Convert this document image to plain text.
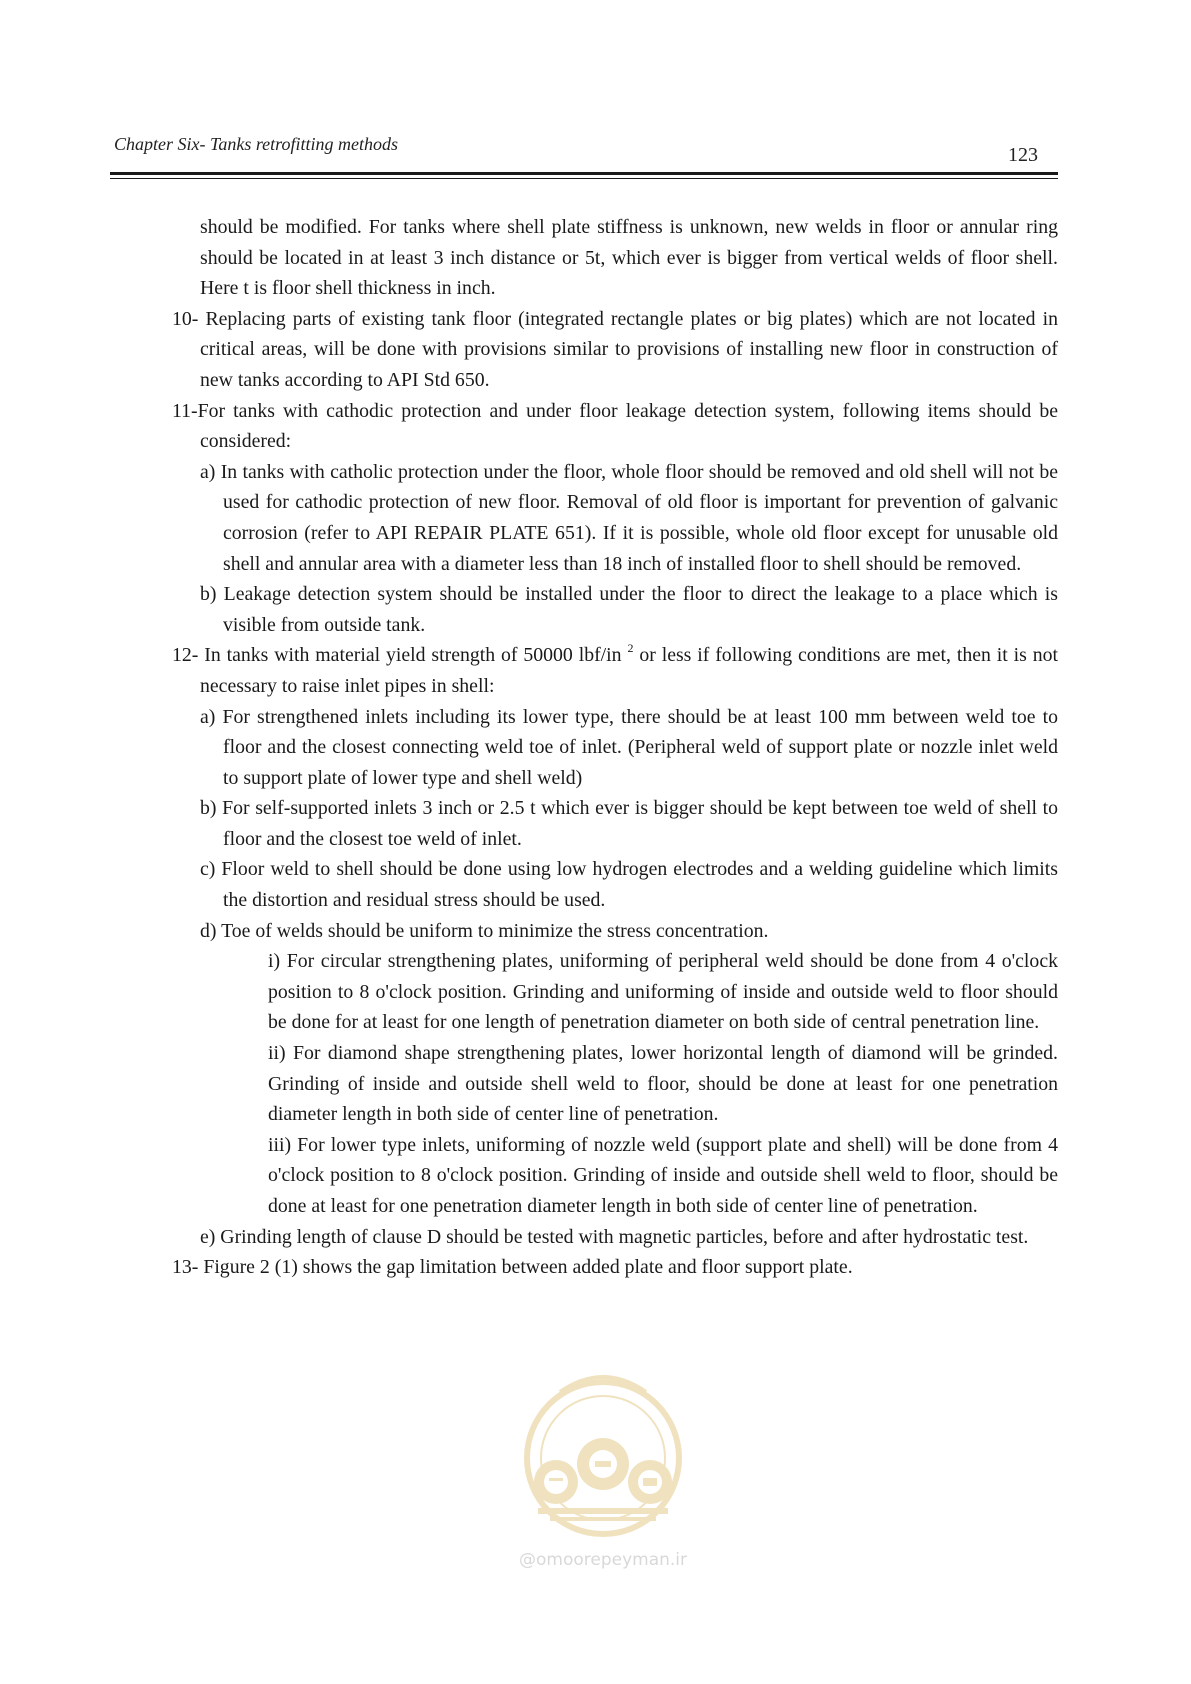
Chapter Six- Tanks retrofitting methods	123

should be modified. For tanks where shell plate stiffness is unknown, new welds in floor or annular ring should be located in at least 3 inch distance or 5t, which ever is bigger from vertical welds of floor shell. Here t is floor shell thickness in inch.

10- Replacing parts of existing tank floor (integrated rectangle plates or big plates) which are not located in critical areas, will be done with provisions similar to provisions of installing new floor in construction of new tanks according to API Std 650.

11-For tanks with cathodic protection and under floor leakage detection system, following items should be considered:

a) In tanks with catholic protection under the floor, whole floor should be removed and old shell will not be used for cathodic protection of new floor. Removal of old floor is important for prevention of galvanic corrosion (refer to API REPAIR PLATE 651). If it is possible, whole old floor except for unusable old shell and annular area with a diameter less than 18 inch of installed floor to shell should be removed.

b) Leakage detection system should be installed under the floor to direct the leakage to a place which is visible from outside tank.

12- In tanks with material yield strength of 50000 lbf/in $^2$ or less if following conditions are met, then it is not necessary to raise inlet pipes in shell:

a) For strengthened inlets including its lower type, there should be at least 100 mm between weld toe to floor and the closest connecting weld toe of inlet. (Peripheral weld of support plate or nozzle inlet weld to support plate of lower type and shell weld)

b) For self-supported inlets 3 inch or 2.5 t which ever is bigger should be kept between toe weld of shell to floor and the closest toe weld of inlet.

c) Floor weld to shell should be done using low hydrogen electrodes and a welding guideline which limits the distortion and residual stress should be used.

d) Toe of welds should be uniform to minimize the stress concentration.

i) For circular strengthening plates, uniforming of peripheral weld should be done from 4 o'clock position to 8 o'clock position. Grinding and uniforming of inside and outside weld to floor should be done for at least for one length of penetration diameter on both side of central penetration line.

ii) For diamond shape strengthening plates, lower horizontal length of diamond will be grinded. Grinding of inside and outside shell weld to floor, should be done at least for one penetration diameter length in both side of center line of penetration.

iii) For lower type inlets, uniforming of nozzle weld (support plate and shell) will be done from 4 o'clock position to 8 o'clock position. Grinding of inside and outside shell weld to floor, should be done at least for one penetration diameter length in both side of center line of penetration.

e) Grinding length of clause D should be tested with magnetic particles, before and after hydrostatic test.

13- Figure 2 (1) shows the gap limitation between added plate and floor support plate.

@omoorepeyman.ir
